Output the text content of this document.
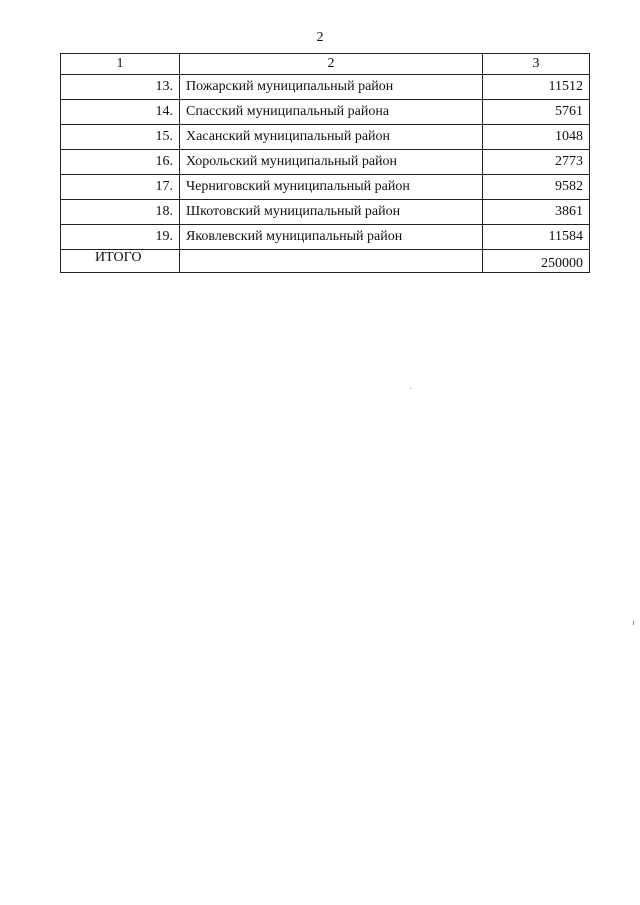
2
1	2	3
13.	Пожарский муниципальный район	11512
14.	Спасский муниципальный района	5761
15.	Хасанский муниципальный район	1048
16.	Хорольский муниципальный район	2773
17.	Черниговский муниципальный район	9582
18.	Шкотовский муниципальный район	3861
19.	Яковлевский муниципальный район	11584
ИТОГО		250000
